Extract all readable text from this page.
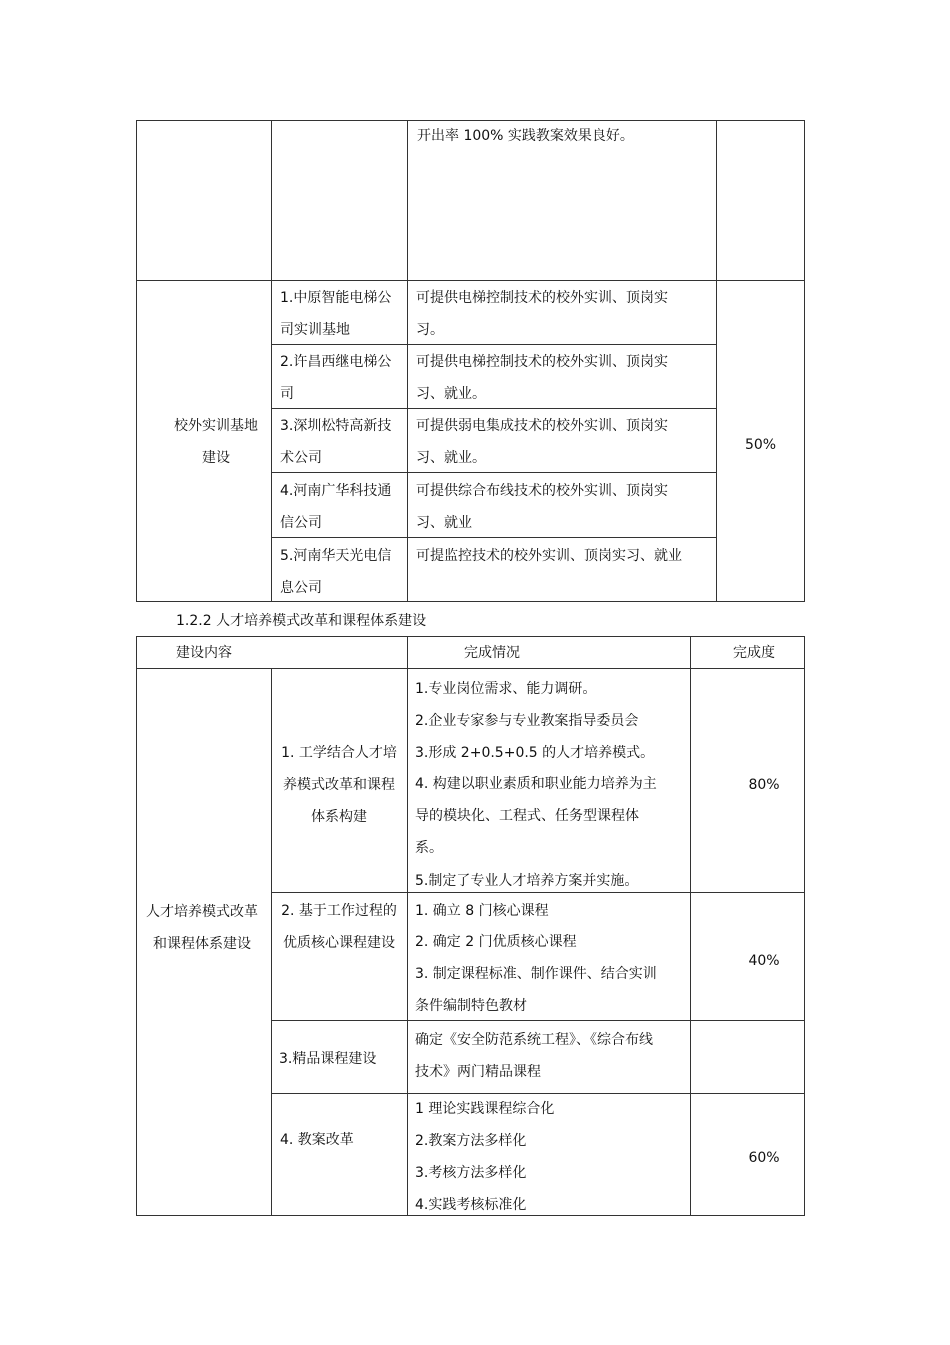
开出率 100% 实践教案效果良好。
校外实训基地建设
50%
1.中原智能电梯公司实训基地
可提供电梯控制技术的校外实训、顶岗实习。
2.许昌西继电梯公司
可提供电梯控制技术的校外实训、顶岗实习、就业。
3.深圳松特高新技术公司
可提供弱电集成技术的校外实训、顶岗实习、就业。
4.河南广华科技通信公司
可提供综合布线技术的校外实训、顶岗实习、就业
5.河南华天光电信息公司
可提监控技术的校外实训、顶岗实习、就业
1.2.2 人才培养模式改革和课程体系建设
建设内容	完成情况	完成度
人才培养模式改革和课程体系建设
1. 工学结合人才培养模式改革和课程体系构建
1.专业岗位需求、能力调研。
2.企业专家参与专业教案指导委员会
3.形成 2+0.5+0.5 的人才培养模式。
4. 构建以职业素质和职业能力培养为主导的模块化、工程式、任务型课程体系。
5.制定了专业人才培养方案并实施。
80%
2. 基于工作过程的优质核心课程建设
1. 确立 8 门核心课程
2. 确定 2 门优质核心课程
3. 制定课程标准、制作课件、结合实训条件编制特色教材
40%
3.精品课程建设
确定《安全防范系统工程》、《综合布线技术》两门精品课程
4. 教案改革
1 理论实践课程综合化
2.教案方法多样化
3.考核方法多样化
4.实践考核标准化
60%
